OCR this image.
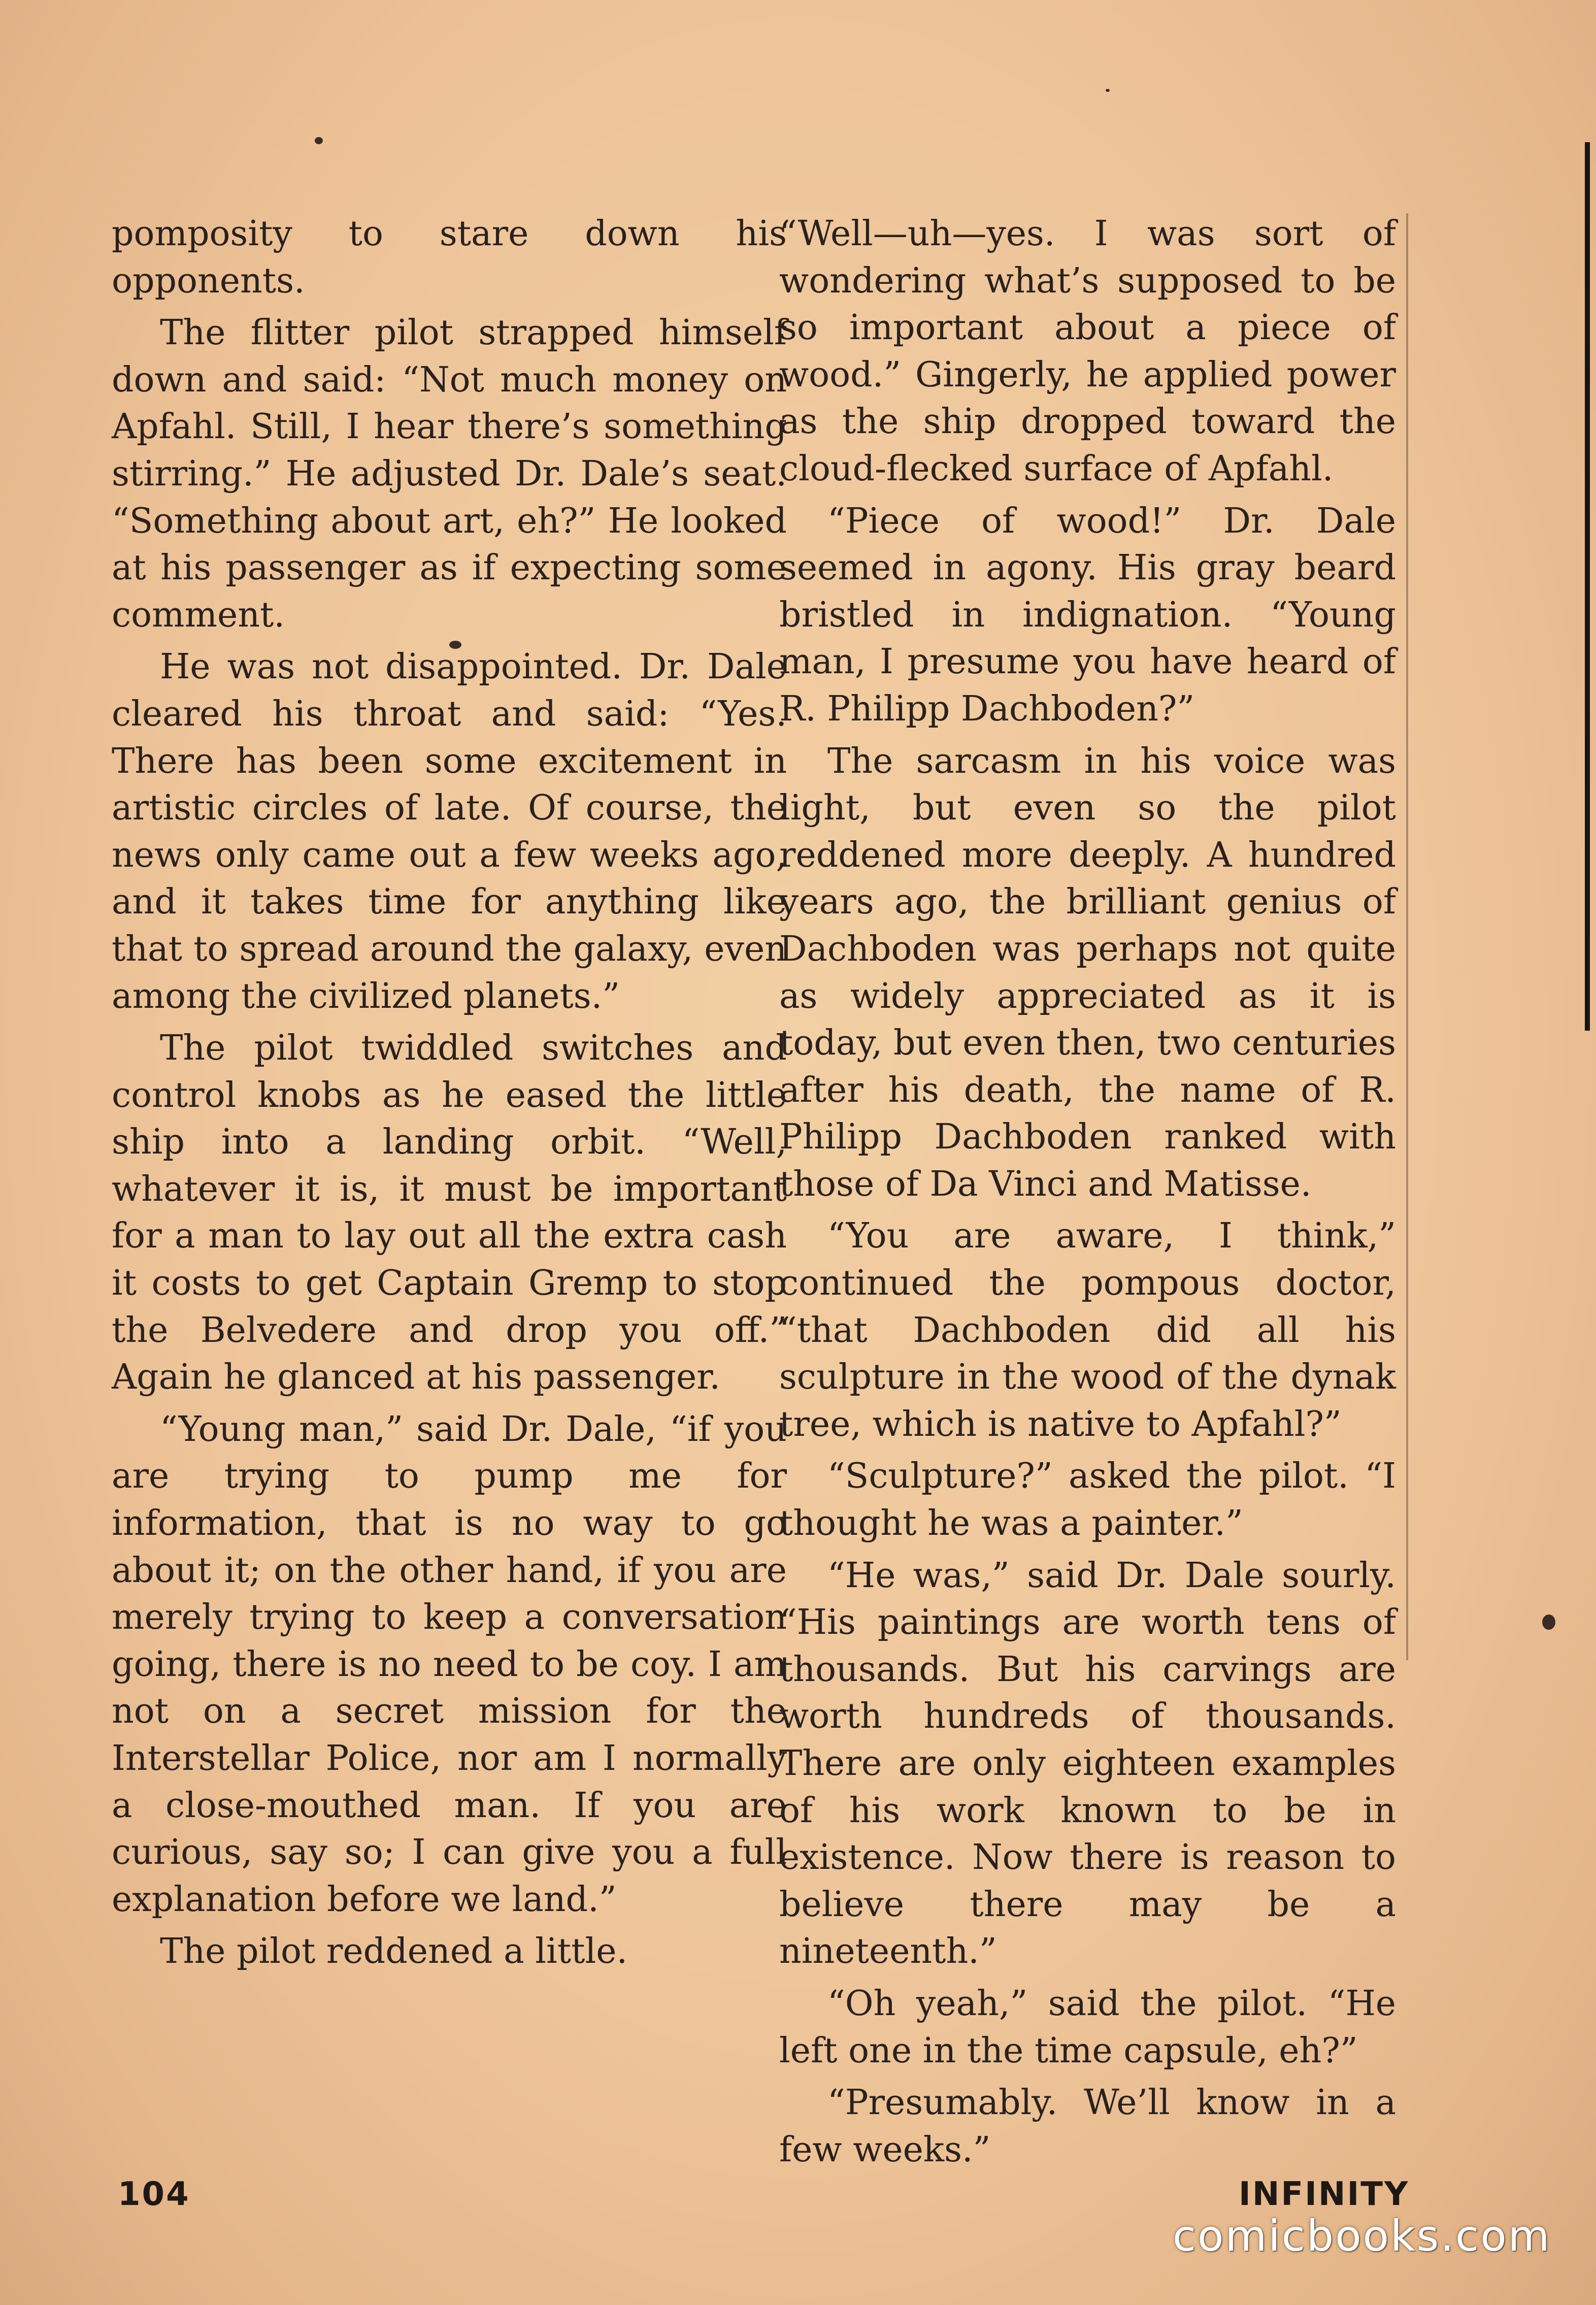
pomposity to stare down his opponents.

The flitter pilot strapped himself down and said: “Not much money on Apfahl. Still, I hear there’s something stirring.” He adjusted Dr. Dale’s seat. “Something about art, eh?” He looked at his passenger as if expecting some comment.

He was not disappointed. Dr. Dale cleared his throat and said: “Yes. There has been some excitement in artistic circles of late. Of course, the news only came out a few weeks ago, and it takes time for anything like that to spread around the galaxy, even among the civilized planets.”

The pilot twiddled switches and control knobs as he eased the little ship into a landing orbit. “Well, whatever it is, it must be important for a man to lay out all the extra cash it costs to get Captain Gremp to stop the Belvedere and drop you off.” Again he glanced at his passenger.

“Young man,” said Dr. Dale, “if you are trying to pump me for information, that is no way to go about it; on the other hand, if you are merely trying to keep a conversation going, there is no need to be coy. I am not on a secret mission for the Interstellar Police, nor am I normally a close-mouthed man. If you are curious, say so; I can give you a full explanation before we land.”

The pilot reddened a little.

“Well—uh—yes. I was sort of wondering what’s supposed to be so important about a piece of wood.” Gingerly, he applied power as the ship dropped toward the cloud-flecked surface of Apfahl.

“Piece of wood!” Dr. Dale seemed in agony. His gray beard bristled in indignation. “Young man, I presume you have heard of R. Philipp Dachboden?”

The sarcasm in his voice was light, but even so the pilot reddened more deeply. A hundred years ago, the brilliant genius of Dachboden was perhaps not quite as widely appreciated as it is today, but even then, two centuries after his death, the name of R. Philipp Dachboden ranked with those of Da Vinci and Matisse.

“You are aware, I think,” continued the pompous doctor, “that Dachboden did all his sculpture in the wood of the dynak tree, which is native to Apfahl?”

“Sculpture?” asked the pilot. “I thought he was a painter.”

“He was,” said Dr. Dale sourly. “His paintings are worth tens of thousands. But his carvings are worth hundreds of thousands. There are only eighteen examples of his work known to be in existence. Now there is reason to believe there may be a nineteenth.”

“Oh yeah,” said the pilot. “He left one in the time capsule, eh?”

“Presumably. We’ll know in a few weeks.”

104	INFINITY
comicbooks.com
